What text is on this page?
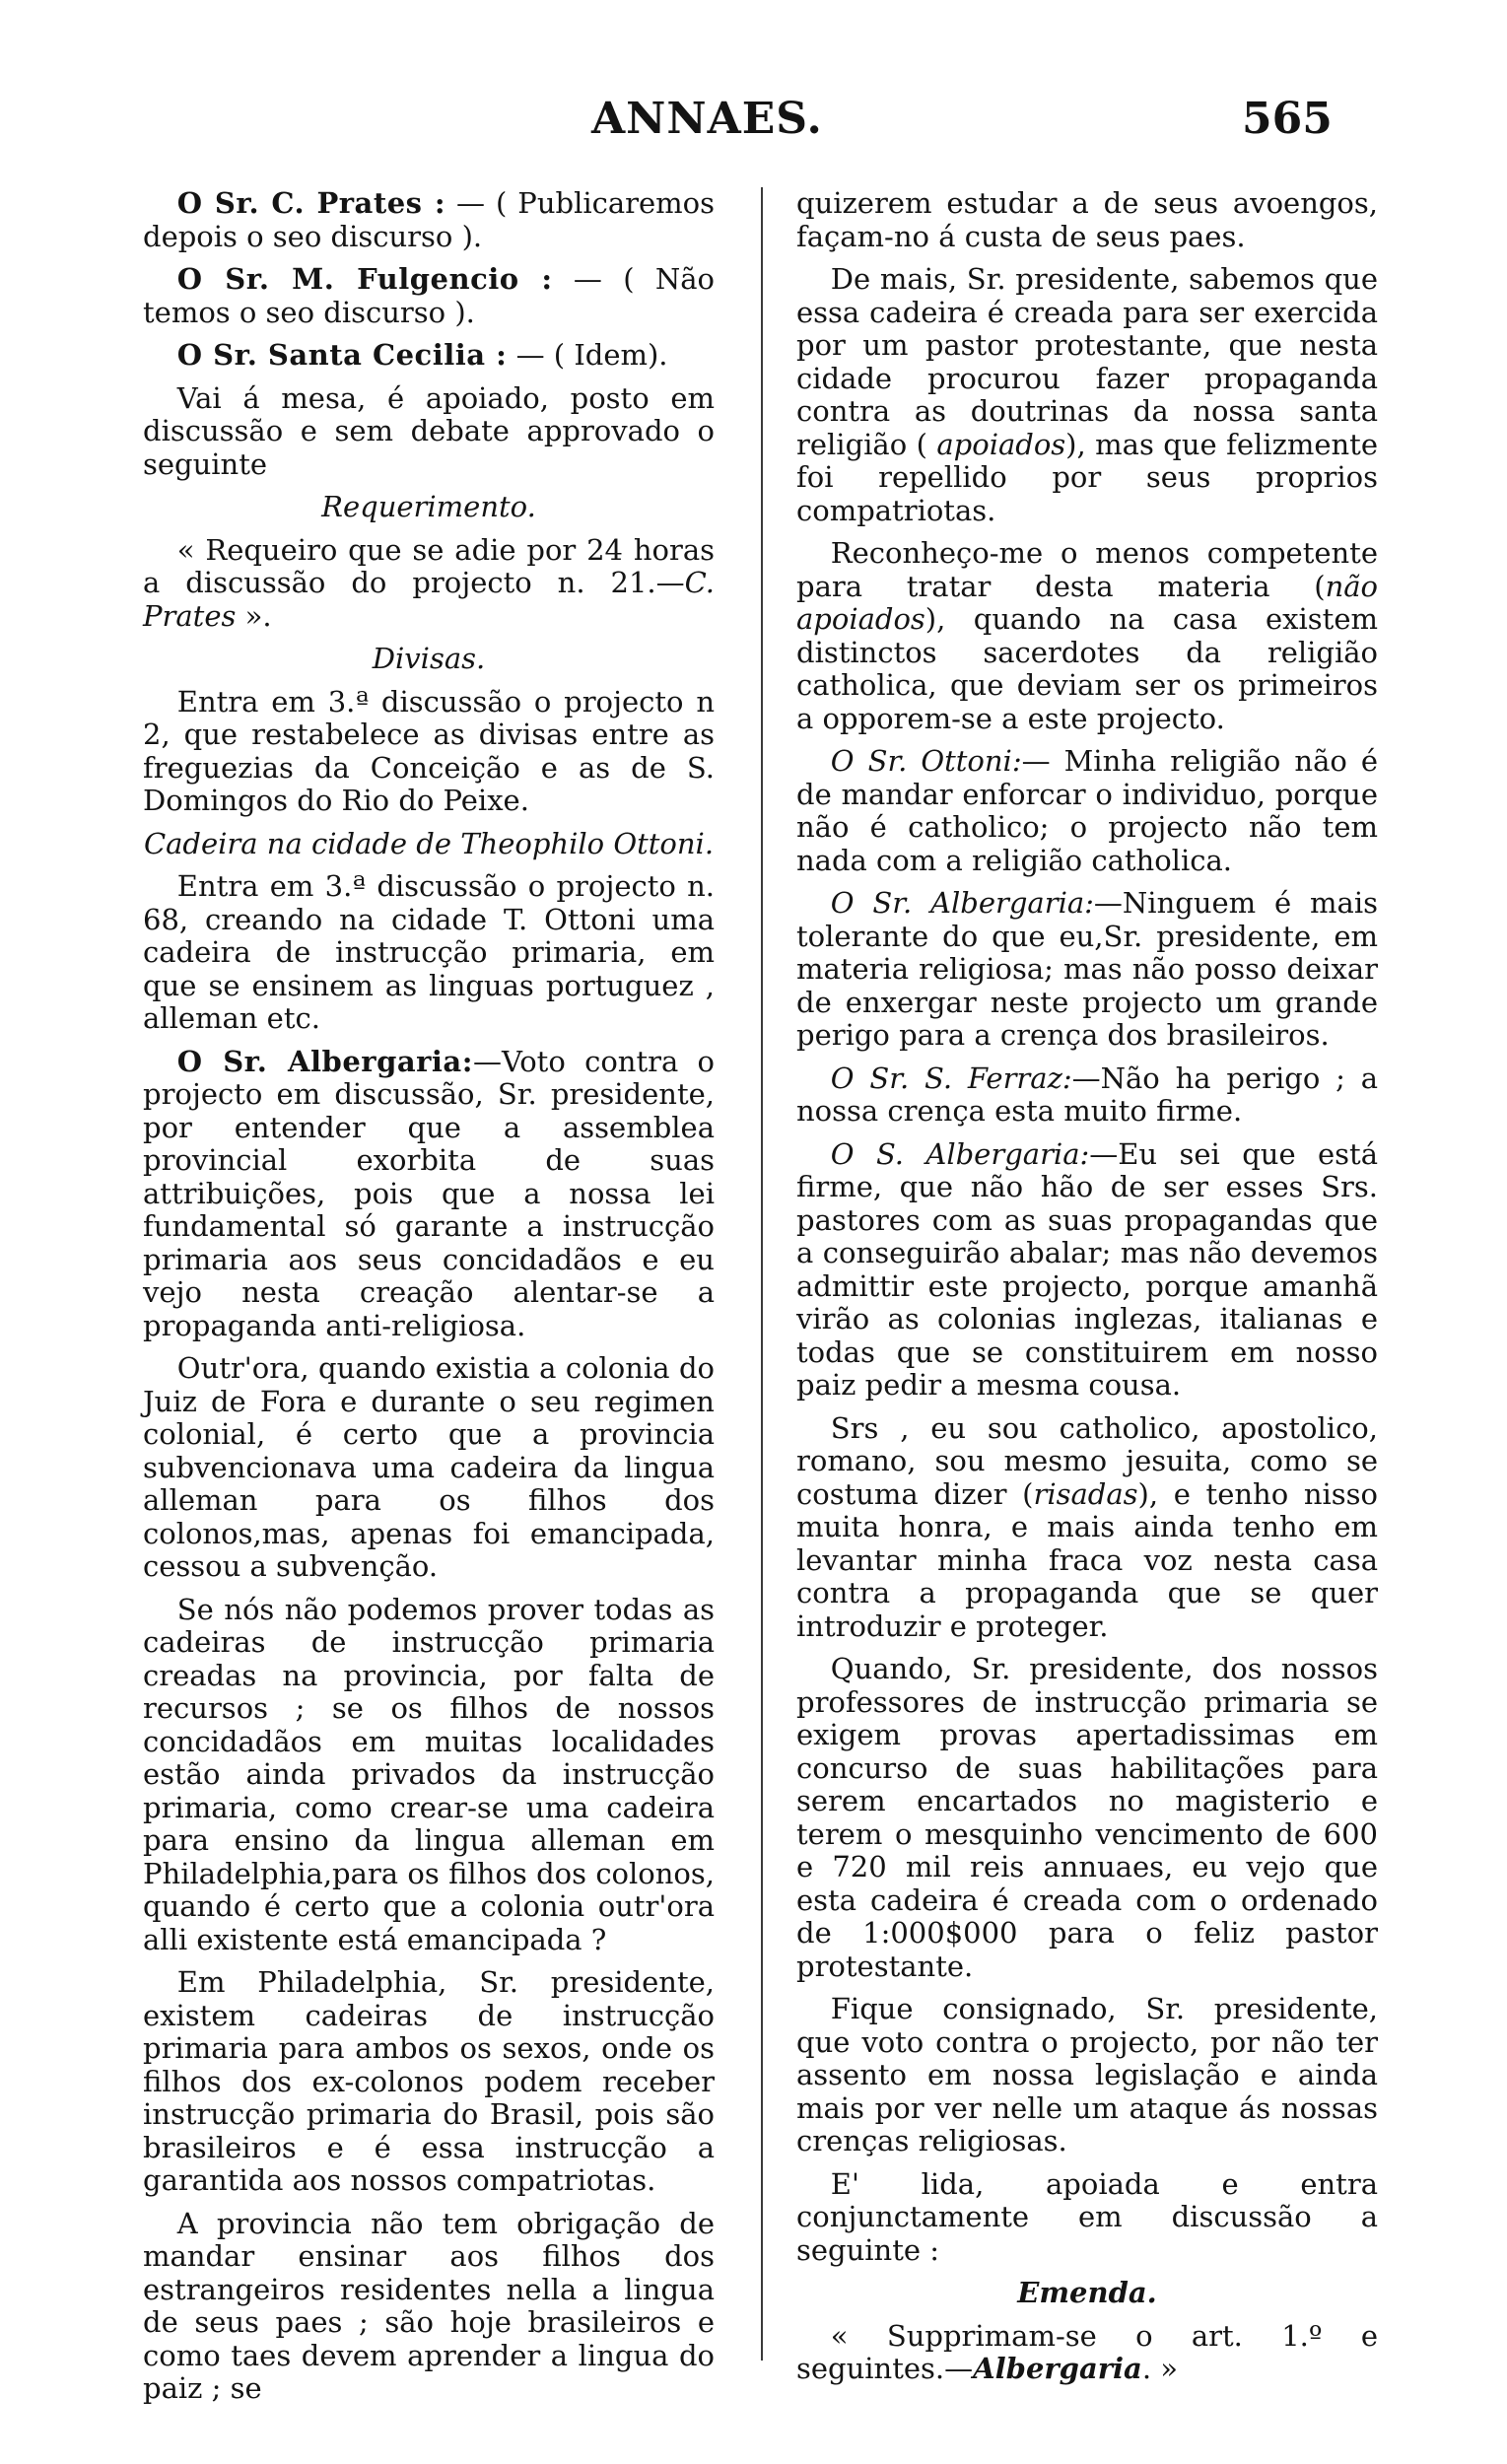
ANNAES.	565

O Sr. C. Prates : — ( Publicaremos depois o seo discurso ).

O Sr. M. Fulgencio : — ( Não temos o seo discurso ).

O Sr. Santa Cecilia : — ( Idem).

Vai á mesa, é apoiado, posto em discussão e sem debate approvado o seguinte

Requerimento.

« Requeiro que se adie por 24 horas a discussão do projecto n. 21.—C. Prates ».

Divisas.

Entra em 3.ª discussão o projecto n 2, que restabelece as divisas entre as freguezias da Conceição e as de S. Domingos do Rio do Peixe.

Cadeira na cidade de Theophilo Ottoni.

Entra em 3.ª discussão o projecto n. 68, creando na cidade T. Ottoni uma cadeira de instrucção primaria, em que se ensinem as linguas portuguez , alleman etc.

O Sr. Albergaria:—Voto contra o projecto em discussão, Sr. presidente, por entender que a assemblea provincial exorbita de suas attribuições, pois que a nossa lei fundamental só garante a instrucção primaria aos seus concidadãos e eu vejo nesta creação alentar-se a propaganda anti-religiosa.

Outr'ora, quando existia a colonia do Juiz de Fora e durante o seu regimen colonial, é certo que a provincia subvencionava uma cadeira da lingua alleman para os filhos dos colonos,mas, apenas foi emancipada, cessou a subvenção.

Se nós não podemos prover todas as cadeiras de instrucção primaria creadas na provincia, por falta de recursos ; se os filhos de nossos concidadãos em muitas localidades estão ainda privados da instrucção primaria, como crear-se uma cadeira para ensino da lingua alleman em Philadelphia,para os filhos dos colonos, quando é certo que a colonia outr'ora alli existente está emancipada ?

Em Philadelphia, Sr. presidente, existem cadeiras de instrucção primaria para ambos os sexos, onde os filhos dos ex-colonos podem receber instrucção primaria do Brasil, pois são brasileiros e é essa instrucção a garantida aos nossos compatriotas.

A provincia não tem obrigação de mandar ensinar aos filhos dos estrangeiros residentes nella a lingua de seus paes ; são hoje brasileiros e como taes devem aprender a lingua do paiz ; se

quizerem estudar a de seus avoengos, façam-no á custa de seus paes.

De mais, Sr. presidente, sabemos que essa cadeira é creada para ser exercida por um pastor protestante, que nesta cidade procurou fazer propaganda contra as doutrinas da nossa santa religião ( apoiados), mas que felizmente foi repellido por seus proprios compatriotas.

Reconheço-me o menos competente para tratar desta materia (não apoiados), quando na casa existem distinctos sacerdotes da religião catholica, que deviam ser os primeiros a opporem-se a este projecto.

O Sr. Ottoni:— Minha religião não é de mandar enforcar o individuo, porque não é catholico; o projecto não tem nada com a religião catholica.

O Sr. Albergaria:—Ninguem é mais tolerante do que eu,Sr. presidente, em materia religiosa; mas não posso deixar de enxergar neste projecto um grande perigo para a crença dos brasileiros.

O Sr. S. Ferraz:—Não ha perigo ; a nossa crença esta muito firme.

O S. Albergaria:—Eu sei que está firme, que não hão de ser esses Srs. pastores com as suas propagandas que a conseguirão abalar; mas não devemos admittir este projecto, porque amanhã virão as colonias inglezas, italianas e todas que se constituirem em nosso paiz pedir a mesma cousa.

Srs , eu sou catholico, apostolico, romano, sou mesmo jesuita, como se costuma dizer (risadas), e tenho nisso muita honra, e mais ainda tenho em levantar minha fraca voz nesta casa contra a propaganda que se quer introduzir e proteger.

Quando, Sr. presidente, dos nossos professores de instrucção primaria se exigem provas apertadissimas em concurso de suas habilitações para serem encartados no magisterio e terem o mesquinho vencimento de 600 e 720 mil reis annuaes, eu vejo que esta cadeira é creada com o ordenado de 1:000$000 para o feliz pastor protestante.

Fique consignado, Sr. presidente, que voto contra o projecto, por não ter assento em nossa legislação e ainda mais por ver nelle um ataque ás nossas crenças religiosas.

E' lida, apoiada e entra conjunctamente em discussão a seguinte :

Emenda.

« Supprimam-se o art. 1.º e seguintes.—Albergaria. »
